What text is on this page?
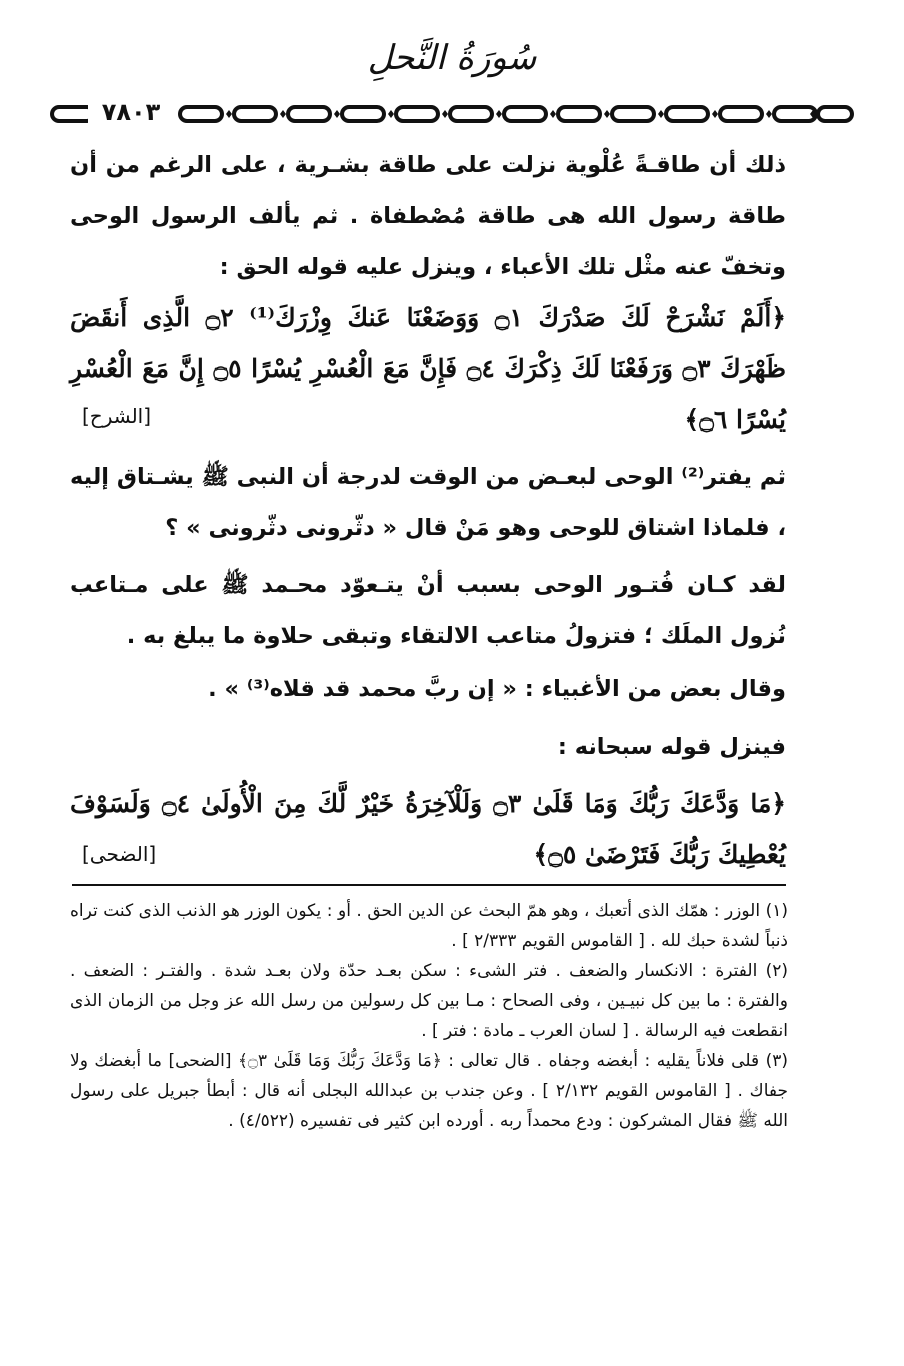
سُورَةُ النَّحلِ
٧٨٠٣
ذلك أن طاقـةً عُلْوية نزلت على طاقة بشـرية ، على الرغم من أن طاقة رسول الله هى طاقة مُصْطفاة . ثم يألف الرسول الوحى وتخفّ عنه مثْل تلك الأعباء ، وينزل عليه قوله الحق :
﴿أَلَمْ نَشْرَحْ لَكَ صَدْرَكَ ۝١ وَوَضَعْنَا عَنكَ وِزْرَكَ⁽¹⁾ ۝٢ الَّذِى أَنقَضَ ظَهْرَكَ ۝٣ وَرَفَعْنَا لَكَ ذِكْرَكَ ۝٤ فَإِنَّ مَعَ الْعُسْرِ يُسْرًا ۝٥ إِنَّ مَعَ الْعُسْرِ يُسْرًا ۝٦﴾
[الشرح]
ثم يفتر⁽²⁾ الوحى لبعـض من الوقت لدرجة أن النبى ﷺ يشـتاق إليه ، فلماذا اشتاق للوحى وهو مَنْ قال « دثّرونى دثّرونى » ؟
لقد كـان فُتـور الوحى بسبب أنْ يتـعوّد محـمد ﷺ على مـتاعب نُزول الملَك ؛ فتزولُ متاعب الالتقاء وتبقى حلاوة ما يبلغ به .
وقال بعض من الأغبياء : « إن ربَّ محمد قد قلاه⁽³⁾ » .
فينزل قوله سبحانه :
﴿مَا وَدَّعَكَ رَبُّكَ وَمَا قَلَىٰ ۝٣ وَلَلْآخِرَةُ خَيْرٌ لَّكَ مِنَ الْأُولَىٰ ۝٤ وَلَسَوْفَ يُعْطِيكَ رَبُّكَ فَتَرْضَىٰ ۝٥﴾
[الضحى]

(١) الوزر : همّك الذى أتعبك ، وهو همّ البحث عن الدين الحق . أو : يكون الوزر هو الذنب الذى كنت تراه ذنباً لشدة حبك لله . [ القاموس القويم ٢/٣٣٣ ] .

(٢) الفترة : الانكسار والضعف . فتر الشىء : سكن بعـد حدّة ولان بعـد شدة . والفتـر : الضعف . والفترة : ما بين كل نبيـين ، وفى الصحاح : مـا بين كل رسولين من رسل الله عز وجل من الزمان الذى انقطعت فيه الرسالة . [ لسان العرب ـ مادة : فتر ] .

(٣) قلى فلاناً يقليه : أبغضه وجفاه . قال تعالى : ﴿مَا وَدَّعَكَ رَبُّكَ وَمَا قَلَىٰ ۝٣﴾ [الضحى] ما أبغضك ولا جفاك . [ القاموس القويم ٢/١٣٢ ] . وعن جندب بن عبدالله البجلى أنه قال : أبطأ جبريل على رسول الله ﷺ فقال المشركون : ودع محمداً ربه . أورده ابن كثير فى تفسيره (٤/٥٢٢) .
